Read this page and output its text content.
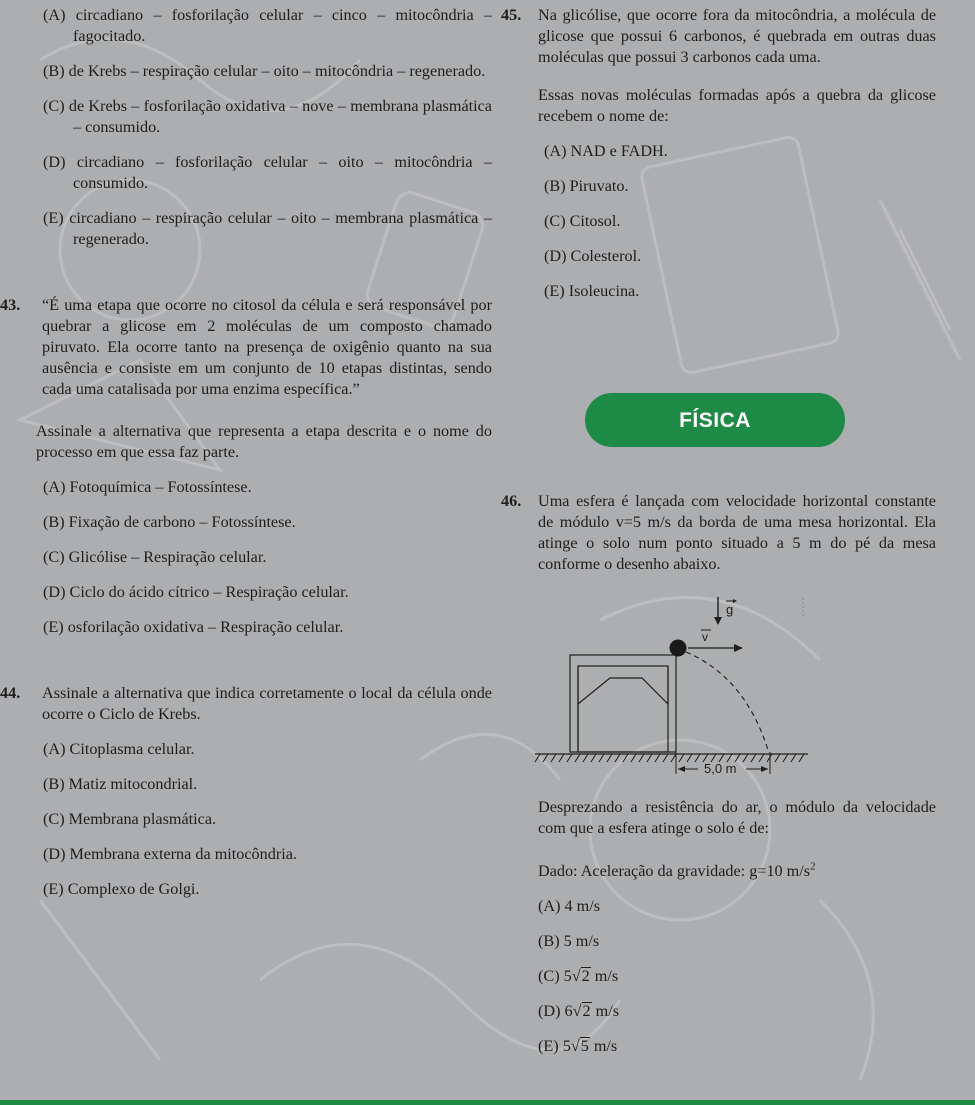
(A) circadiano – fosforilação celular – cinco – mitocôndria – fagocitado.
(B) de Krebs – respiração celular – oito – mitocôndria – regenerado.
(C) de Krebs – fosforilação oxidativa – nove – membrana plasmática – consumido.
(D) circadiano – fosforilação celular – oito – mitocôndria – consumido.
(E) circadiano – respiração celular – oito – membrana plasmática – regenerado.
43.	“É uma etapa que ocorre no citosol da célula e será responsável por quebrar a glicose em 2 moléculas de um composto chamado piruvato. Ela ocorre tanto na presença de oxigênio quanto na sua ausência e consiste em um conjunto de 10 etapas distintas, sendo cada uma catalisada por uma enzima específica.”
Assinale a alternativa que representa a etapa descrita e o nome do processo em que essa faz parte.
(A) Fotoquímica – Fotossíntese.
(B) Fixação de carbono – Fotossíntese.
(C) Glicólise – Respiração celular.
(D) Ciclo do ácido cítrico – Respiração celular.
(E) osforilação oxidativa – Respiração celular.
44.	Assinale a alternativa que indica corretamente o local da célula onde ocorre o Ciclo de Krebs.
(A) Citoplasma celular.
(B) Matiz mitocondrial.
(C) Membrana plasmática.
(D) Membrana externa da mitocôndria.
(E) Complexo de Golgi.
45. Na glicólise, que ocorre fora da mitocôndria, a molécula de glicose que possui 6 carbonos, é quebrada em outras duas moléculas que possui 3 carbonos cada uma.
Essas novas moléculas formadas após a quebra da glicose recebem o nome de:
(A) NAD e FADH.
(B) Piruvato.
(C) Citosol.
(D) Colesterol.
(E) Isoleucina.
FÍSICA
46. Uma esfera é lançada com velocidade horizontal constante de módulo v=5 m/s da borda de uma mesa horizontal. Ela atinge o solo num ponto situado a 5 m do pé da mesa conforme o desenho abaixo.
g
v
5,0 m
Desprezando a resistência do ar, o módulo da velocidade com que a esfera atinge o solo é de:
Dado: Aceleração da gravidade: g=10 $m/s^2$
(A) 4 m/s
(B) 5 m/s
(C) 5√2 m/s
(D) 6√2 m/s
(E) 5√5 m/s
